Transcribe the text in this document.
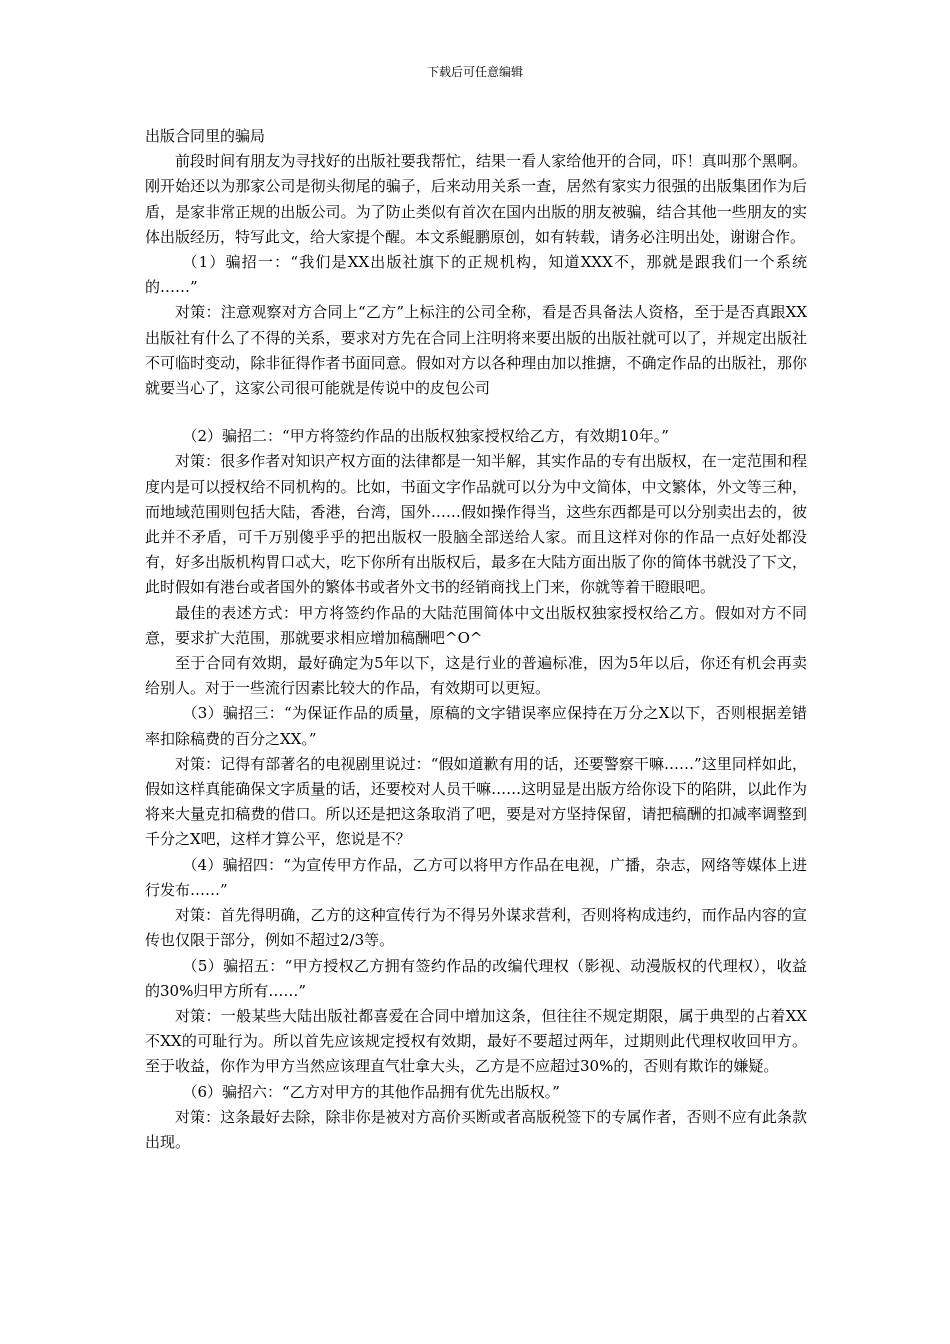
下载后可任意编辑

出版合同里的骗局

前段时间有朋友为寻找好的出版社要我帮忙，结果一看人家给他开的合同，吓！真叫那个黑啊。刚开始还以为那家公司是彻头彻尾的骗子，后来动用关系一查，居然有家实力很强的出版集团作为后盾，是家非常正规的出版公司。为了防止类似有首次在国内出版的朋友被骗，结合其他一些朋友的实体出版经历，特写此文，给大家提个醒。本文系鲲鹏原创，如有转载，请务必注明出处，谢谢合作。

（1）骗招一：“我们是XX出版社旗下的正规机构，知道XXX不，那就是跟我们一个系统的……”

对策：注意观察对方合同上“乙方”上标注的公司全称，看是否具备法人资格，至于是否真跟XX出版社有什么了不得的关系，要求对方先在合同上注明将来要出版的出版社就可以了，并规定出版社不可临时变动，除非征得作者书面同意。假如对方以各种理由加以推搪，不确定作品的出版社，那你就要当心了，这家公司很可能就是传说中的皮包公司

（2）骗招二：“甲方将签约作品的出版权独家授权给乙方，有效期10年。”

对策：很多作者对知识产权方面的法律都是一知半解，其实作品的专有出版权，在一定范围和程度内是可以授权给不同机构的。比如，书面文字作品就可以分为中文简体，中文繁体，外文等三种，而地域范围则包括大陆，香港，台湾，国外……假如操作得当，这些东西都是可以分别卖出去的，彼此并不矛盾，可千万别傻乎乎的把出版权一股脑全部送给人家。而且这样对你的作品一点好处都没有，好多出版机构胃口忒大，吃下你所有出版权后，最多在大陆方面出版了你的简体书就没了下文，此时假如有港台或者国外的繁体书或者外文书的经销商找上门来，你就等着干瞪眼吧。

最佳的表述方式：甲方将签约作品的大陆范围简体中文出版权独家授权给乙方。假如对方不同意，要求扩大范围，那就要求相应增加稿酬吧^O^

至于合同有效期，最好确定为5年以下，这是行业的普遍标准，因为5年以后，你还有机会再卖给别人。对于一些流行因素比较大的作品，有效期可以更短。

（3）骗招三：“为保证作品的质量，原稿的文字错误率应保持在万分之X以下，否则根据差错率扣除稿费的百分之XX。”

对策：记得有部著名的电视剧里说过：“假如道歉有用的话，还要警察干嘛……”这里同样如此，假如这样真能确保文字质量的话，还要校对人员干嘛……这明显是出版方给你设下的陷阱，以此作为将来大量克扣稿费的借口。所以还是把这条取消了吧，要是对方坚持保留，请把稿酬的扣减率调整到千分之X吧，这样才算公平，您说是不？

（4）骗招四：“为宣传甲方作品，乙方可以将甲方作品在电视，广播，杂志，网络等媒体上进行发布……”

对策：首先得明确，乙方的这种宣传行为不得另外谋求营利，否则将构成违约，而作品内容的宣传也仅限于部分，例如不超过2/3等。

（5）骗招五：“甲方授权乙方拥有签约作品的改编代理权（影视、动漫版权的代理权），收益的30%归甲方所有……”

对策：一般某些大陆出版社都喜爱在合同中增加这条，但往往不规定期限，属于典型的占着XX不XX的可耻行为。所以首先应该规定授权有效期，最好不要超过两年，过期则此代理权收回甲方。至于收益，你作为甲方当然应该理直气壮拿大头，乙方是不应超过30%的，否则有欺诈的嫌疑。

（6）骗招六：“乙方对甲方的其他作品拥有优先出版权。”

对策：这条最好去除，除非你是被对方高价买断或者高版税签下的专属作者，否则不应有此条款出现。
